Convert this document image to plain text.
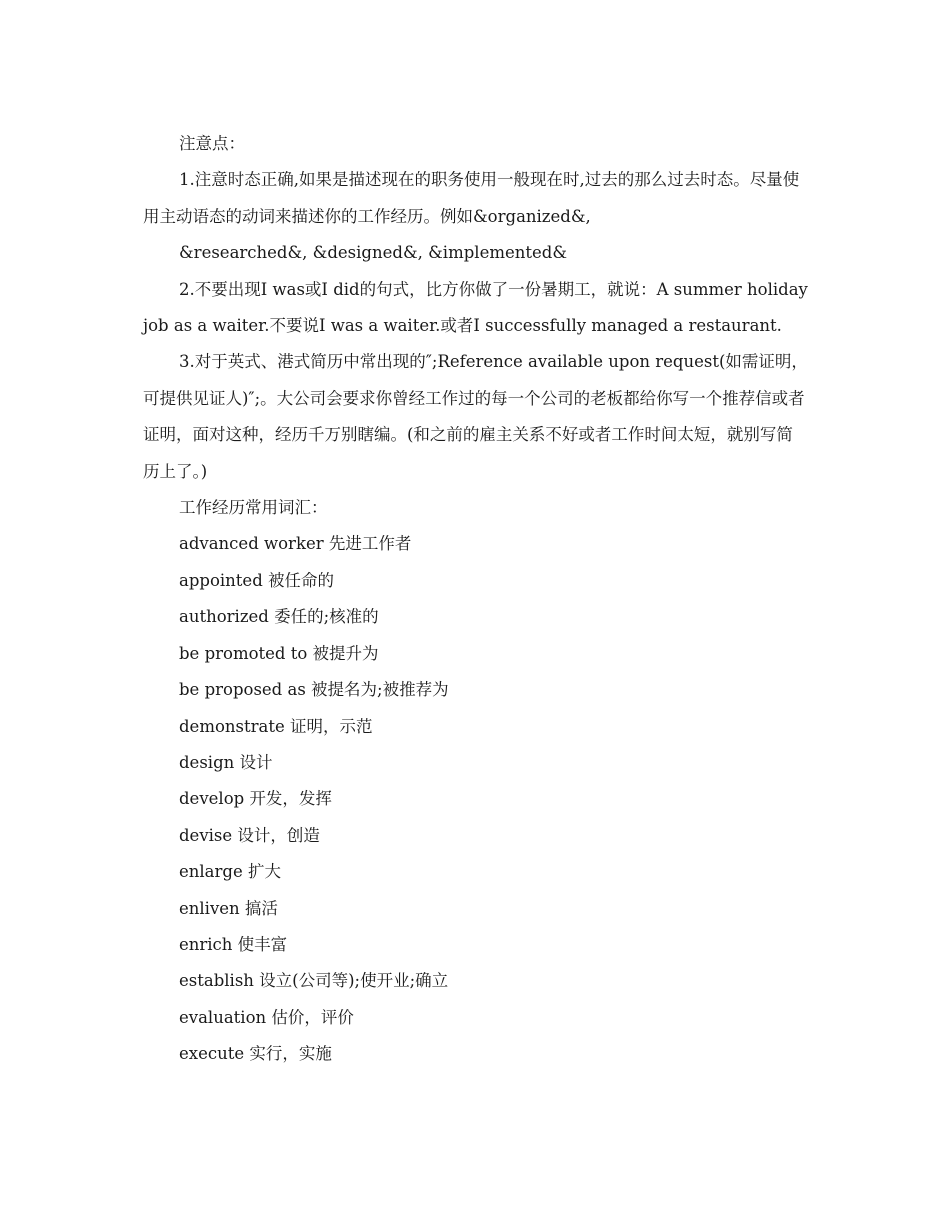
注意点：

1.注意时态正确,如果是描述现在的职务使用一般现在时,过去的那么过去时态。尽量使用主动语态的动词来描述你的工作经历。例如&organized&,

&researched&, &designed&, &implemented&

2.不要出现I was或I did的句式，比方你做了一份暑期工，就说：A summer holiday job as a waiter.不要说I was a waiter.或者I successfully managed a restaurant.

3.对于英式、港式简历中常出现的″;Reference available upon request(如需证明，可提供见证人)″;。大公司会要求你曾经工作过的每一个公司的老板都给你写一个推荐信或者证明，面对这种，经历千万别瞎编。(和之前的雇主关系不好或者工作时间太短，就别写简历上了。)

工作经历常用词汇：

advanced worker 先进工作者

appointed 被任命的

authorized 委任的;核准的

be promoted to 被提升为

be proposed as 被提名为;被推荐为

demonstrate 证明，示范

design 设计

develop 开发，发挥

devise 设计，创造

enlarge 扩大

enliven 搞活

enrich 使丰富

establish 设立(公司等);使开业;确立

evaluation 估价，评价

execute 实行，实施
